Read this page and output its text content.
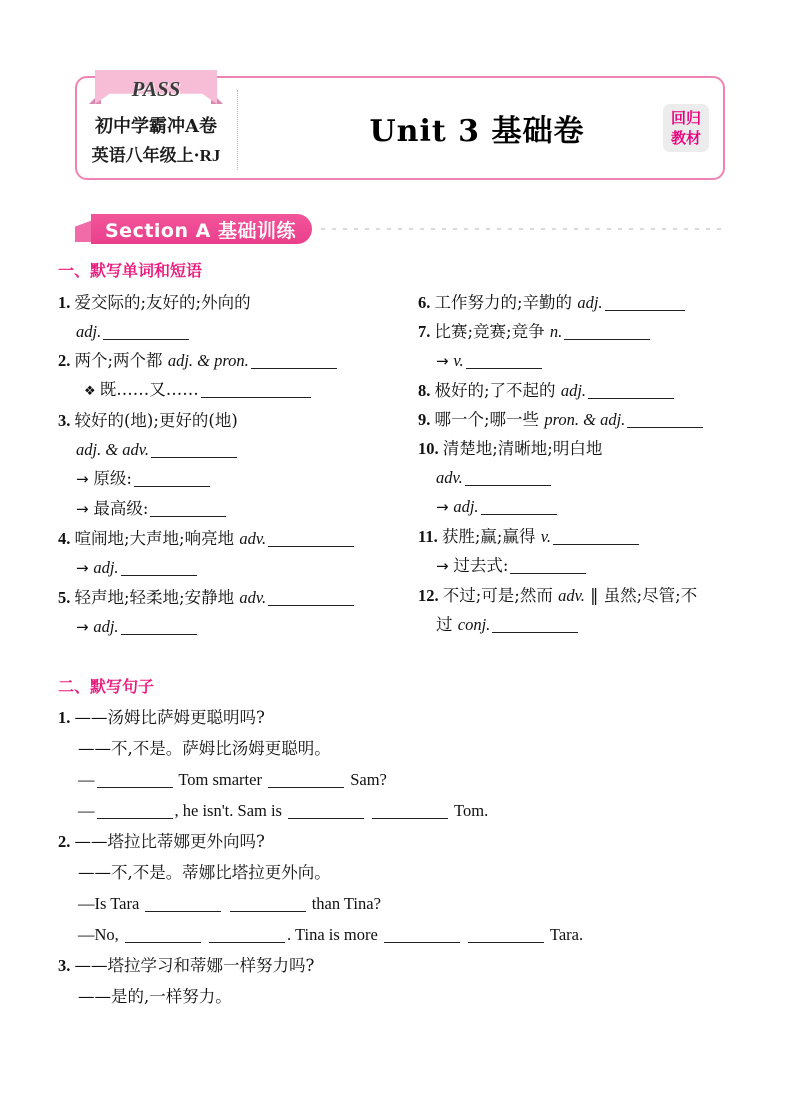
PASS
初中学霸冲A卷
英语八年级上·RJ
Unit 3 基础卷	回归
教材
Section A 基础训练
一、默写单词和短语
1. 爱交际的;友好的;外向的
adj.
2. 两个;两个都 adj. & pron.
❖ 既……又……
3. 较好的(地);更好的(地)
adj. & adv.
→ 原级:
→ 最高级:
4. 喧闹地;大声地;响亮地 adv.
→ adj.
5. 轻声地;轻柔地;安静地 adv.
→ adj.
6. 工作努力的;辛勤的 adj.
7. 比赛;竞赛;竞争 n.
→ v.
8. 极好的;了不起的 adj.
9. 哪一个;哪一些 pron. & adj.
10. 清楚地;清晰地;明白地
adv.
→ adj.
11. 获胜;赢;赢得 v.
→ 过去式:
12. 不过;可是;然而 adv. ‖ 虽然;尽管;不
过 conj.
二、默写句子
1. ——汤姆比萨姆更聪明吗?
——不,不是。萨姆比汤姆更聪明。
—	Tom smarter	Sam?
—	, he isn't. Sam is	Tom.
2. ——塔拉比蒂娜更外向吗?
——不,不是。蒂娜比塔拉更外向。
—Is Tara	than Tina?
—No,	. Tina is more	Tara.
3. ——塔拉学习和蒂娜一样努力吗?
——是的,一样努力。
